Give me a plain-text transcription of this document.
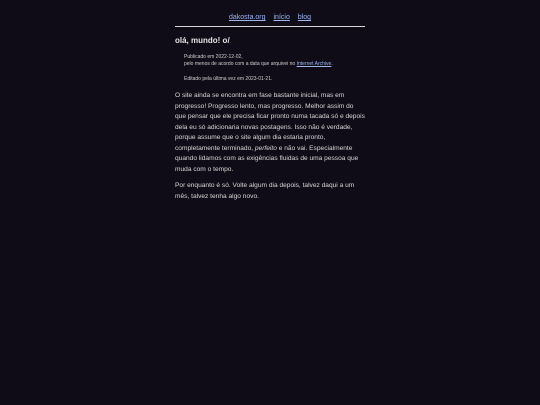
dakosta.org início blog
olá, mundo! o/
Publicado em 2022-12-02,
pelo menos de acordo com a data que arquivei no Internet Archive.
Editado pela última vez em 2023-01-21.

O site ainda se encontra em fase bastante inicial, mas em progresso! Progresso lento, mas progresso. Melhor assim do que pensar que ele precisa ficar pronto numa tacada só e depois dela eu só adicionaria novas postagens. Isso não é verdade, porque assume que o site algum dia estaria pronto, completamente terminado, perfeito e não vai. Especialmente quando lidamos com as exigências fluidas de uma pessoa que muda com o tempo.

Por enquanto é só. Volte algum dia depois, talvez daqui a um mês, talvez tenha algo novo.
